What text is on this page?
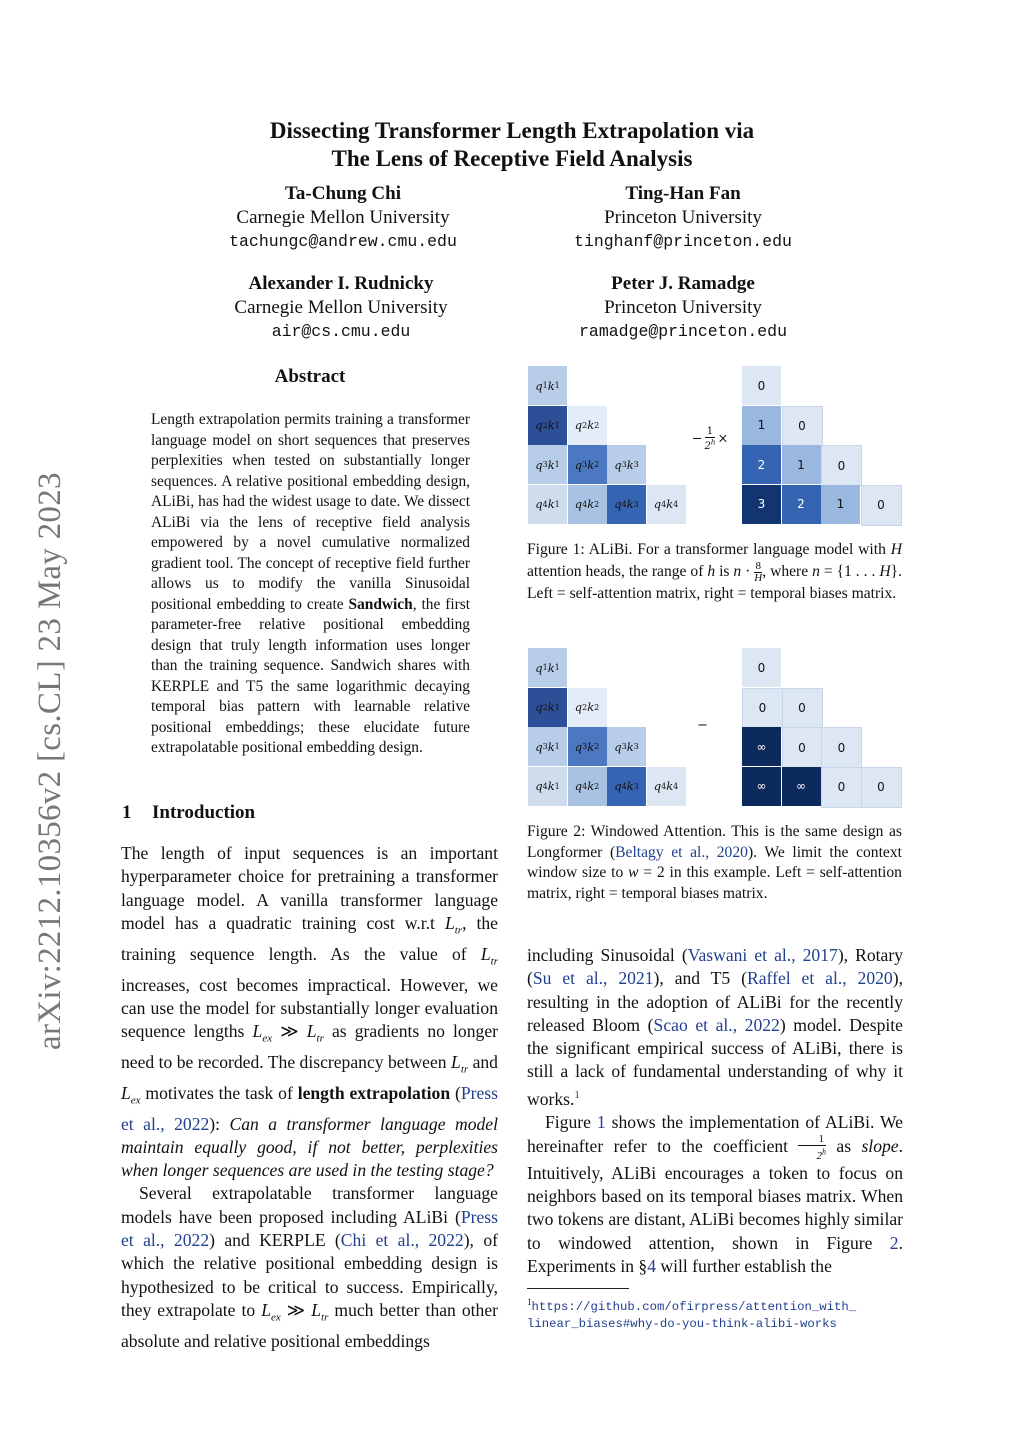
arXiv:2212.10356v2 [cs.CL] 23 May 2023
Dissecting Transformer Length Extrapolation via
The Lens of Receptive Field Analysis
Ta-Chung Chi
Carnegie Mellon University
tachungc@andrew.cmu.edu
Ting-Han Fan
Princeton University
tinghanf@princeton.edu
Alexander I. Rudnicky
Carnegie Mellon University
air@cs.cmu.edu
Peter J. Ramadge
Princeton University
ramadge@princeton.edu
Abstract
Length extrapolation permits training a transformer language model on short sequences that preserves perplexities when tested on substantially longer sequences. A relative positional embedding design, ALiBi, has had the widest usage to date. We dissect ALiBi via the lens of receptive field analysis empowered by a novel cumulative normalized gradient tool. The concept of receptive field further allows us to modify the vanilla Sinusoidal positional embedding to create Sandwich, the first parameter-free relative positional embedding design that truly length information uses longer than the training sequence. Sandwich shares with KERPLE and T5 the same logarithmic decaying temporal bias pattern with learnable relative positional embeddings; these elucidate future extrapolatable positional embedding design.
1 Introduction

The length of input sequences is an important hyperparameter choice for pretraining a transformer language model. A vanilla transformer language model has a quadratic training cost w.r.t $L_{tr}$, the training sequence length. As the value of $L_{tr}$ increases, cost becomes impractical. However, we can use the model for substantially longer evaluation sequence lengths $L_{ex}$ ≫ $L_{tr}$ as gradients no longer need to be recorded. The discrepancy between $L_{tr}$ and $L_{ex}$ motivates the task of length extrapolation (Press et al., 2022): Can a transformer language model maintain equally good, if not better, perplexities when longer sequences are used in the testing stage?

Several extrapolatable transformer language models have been proposed including ALiBi (Press et al., 2022) and KERPLE (Chi et al., 2022), of which the relative positional embedding design is hypothesized to be critical to success. Empirically, they extrapolate to $L_{ex}$ ≫ $L_{tr}$ much better than other absolute and relative positional embeddings

including Sinusoidal (Vaswani et al., 2017), Rotary (Su et al., 2021), and T5 (Raffel et al., 2020), resulting in the adoption of ALiBi for the recently released Bloom (Scao et al., 2022) model. Despite the significant empirical success of ALiBi, there is still a lack of fundamental understanding of why it works.$^1$

Figure 1 shows the implementation of ALiBi. We hereinafter refer to the coefficient $\frac{1}{2^h}$ as slope. Intuitively, ALiBi encourages a token to focus on neighbors based on its temporal biases matrix. When two tokens are distant, ALiBi becomes highly similar to windowed attention, shown in Figure 2. Experiments in §4 will further establish the

− $\frac{1}{2^h}$ ×
Figure 1: ALiBi. For a transformer language model with H attention heads, the range of h is $n \cdot \frac{8}{H}$ , where n = {1 . . . H}. Left = self-attention matrix, right = temporal biases matrix.
−
Figure 2: Windowed Attention. This is the same design as Longformer (Beltagy et al., 2020). We limit the context window size to w = 2 in this example. Left = self-attention matrix, right = temporal biases matrix.
$^1$https://github.com/ofirpress/attention_with_
linear_biases#why-do-you-think-alibi-works
q 1 k 1
q 2 k 1	q 2 k 2
q 3 k 1	q 3 k 2	q 3 k 3
q 4 k 1	q 4 k 2	q 4 k 3	q 4 k 4
0
1	0
2	1	0
3	2	1	0
q 1 k 1
q 2 k 1	q 2 k 2
q 3 k 1	q 3 k 2	q 3 k 3
q 4 k 1	q 4 k 2	q 4 k 3	q 4 k 4
0
0	0
∞	0	0
∞	∞	0	0
